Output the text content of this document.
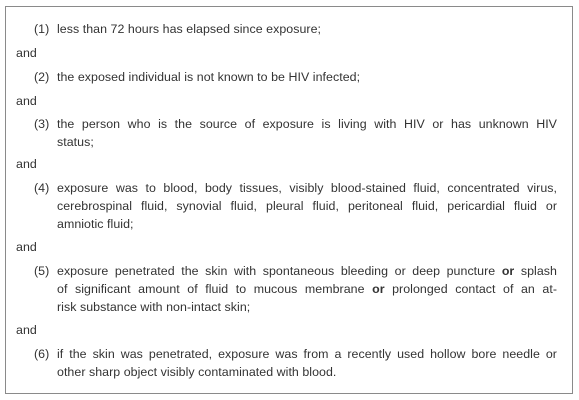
(1) less than 72 hours has elapsed since exposure;
and
(2) the exposed individual is not known to be HIV infected;
and
(3) the person who is the source of exposure is living with HIV or has unknown HIV
status;
and
(4) exposure was to blood, body tissues, visibly blood-stained fluid, concentrated virus,
cerebrospinal fluid, synovial fluid, pleural fluid, peritoneal fluid, pericardial fluid or
amniotic fluid;
and
(5) exposure penetrated the skin with spontaneous bleeding or deep puncture or splash
of significant amount of fluid to mucous membrane or prolonged contact of an at-
risk substance with non-intact skin;
and
(6) if the skin was penetrated, exposure was from a recently used hollow bore needle or
other sharp object visibly contaminated with blood.
